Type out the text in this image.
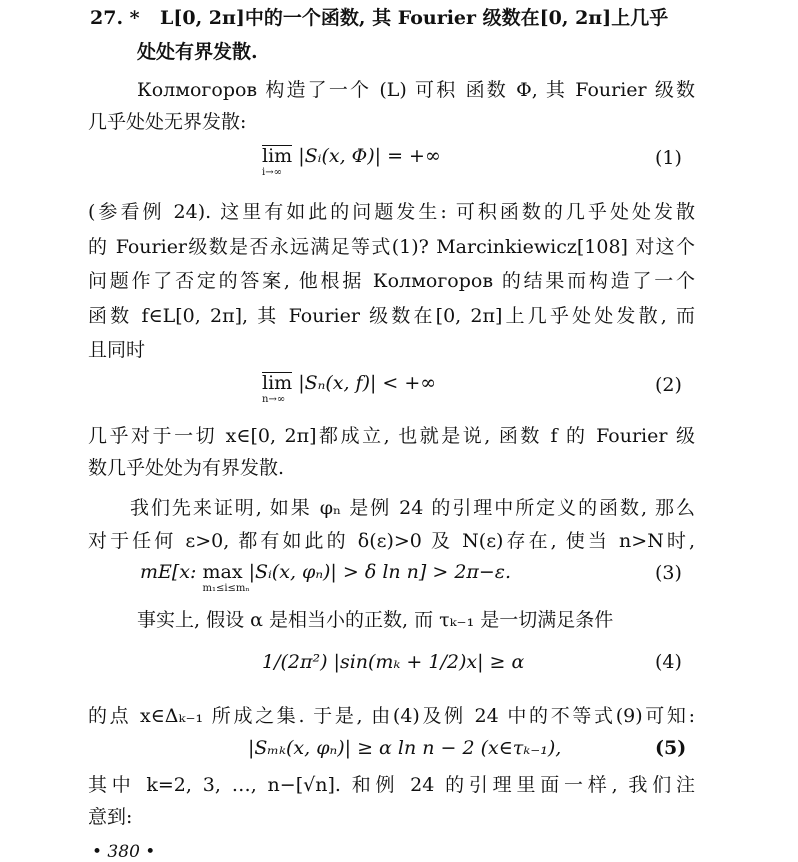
27. * L[0, 2π]中的一个函数, 其 Fourier 级数在[0, 2π]上几乎
处处有界发散.
Колмогоров 构造了一个 (L) 可积 函数 Φ, 其 Fourier 级数
几乎处处无界发散:
lim
i→∞
|Sᵢ(x, Φ)| = +∞	(1)
(参看例 24). 这里有如此的问题发生: 可积函数的几乎处处发散
的 Fourier级数是否永远满足等式(1)? Marcinkiewicz[108] 对这个
问题作了否定的答案, 他根据 Колмогоров 的结果而构造了一个
函数 f∈L[0, 2π], 其 Fourier 级数在[0, 2π]上几乎处处发散, 而
且同时
lim
n→∞
|Sₙ(x, f)| < +∞	(2)
几乎对于一切 x∈[0, 2π]都成立, 也就是说, 函数 f 的 Fourier 级
数几乎处处为有界发散.
我们先来证明, 如果 φₙ 是例 24 的引理中所定义的函数, 那么
对于任何 ε>0, 都有如此的 δ(ε)>0 及 N(ε)存在, 使当 n>N时,
mE[x: max
m₁≤i≤mₙ
|Sᵢ(x, φₙ)| > δ ln n] > 2π−ε.	(3)
事实上, 假设 α 是相当小的正数, 而 τₖ₋₁ 是一切满足条件
1/(2π²) |sin(mₖ + 1/2)x| ≥ α	(4)
的点 x∈Δₖ₋₁ 所成之集. 于是, 由(4)及例 24 中的不等式(9)可知:
|Sₘₖ(x, φₙ)| ≥ α ln n − 2 (x∈τₖ₋₁),	(5)
其中 k=2, 3, …, n−[√n]. 和例 24 的引理里面一样, 我们注
意到:
• 380 •
